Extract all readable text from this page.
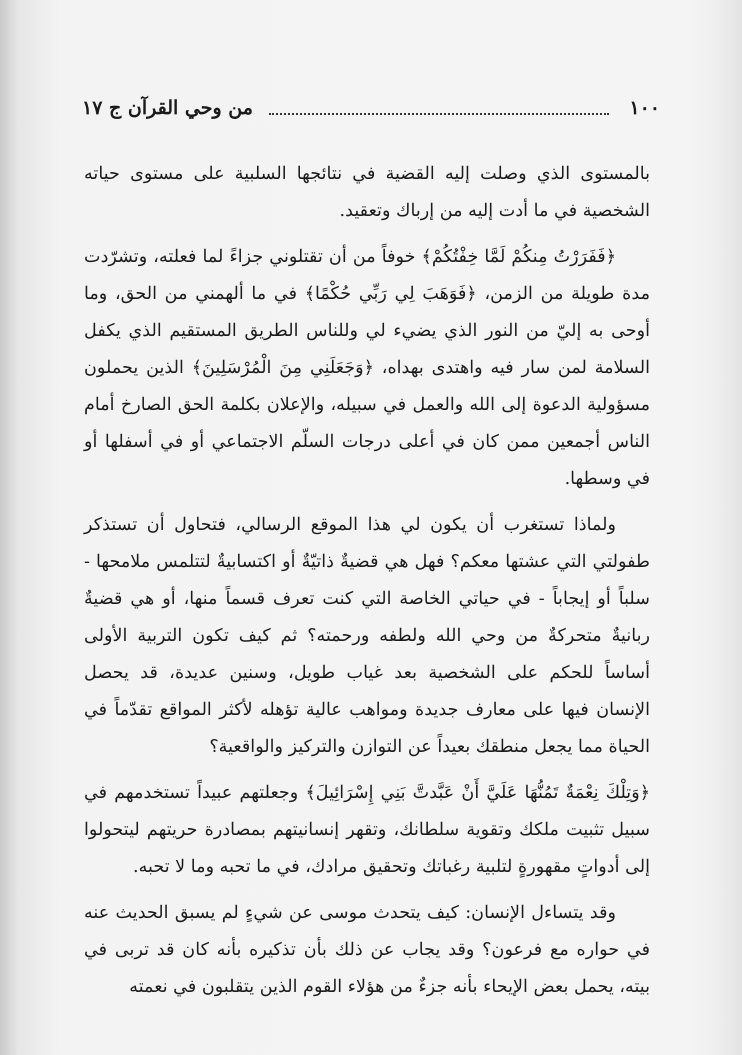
١٠٠
من وحي القرآن ج ١٧

بالمستوى الذي وصلت إليه القضية في نتائجها السلبية على مستوى حياته الشخصية في ما أدت إليه من إرباك وتعقيد.

﴿فَفَرَرْتُ مِنكُمْ لَمَّا خِفْتُكُمْ﴾ خوفاً من أن تقتلوني جزاءً لما فعلته، وتشرّدت مدة طويلة من الزمن، ﴿فَوَهَبَ لِي رَبِّي حُكْمًا﴾ في ما ألهمني من الحق، وما أوحى به إليّ من النور الذي يضيء لي وللناس الطريق المستقيم الذي يكفل السلامة لمن سار فيه واهتدى بهداه، ﴿وَجَعَلَنِي مِنَ الْمُرْسَلِينَ﴾ الذين يحملون مسؤولية الدعوة إلى الله والعمل في سبيله، والإعلان بكلمة الحق الصارخ أمام الناس أجمعين ممن كان في أعلى درجات السلّم الاجتماعي أو في أسفلها أو في وسطها.

ولماذا تستغرب أن يكون لي هذا الموقع الرسالي، فتحاول أن تستذكر طفولتي التي عشتها معكم؟ فهل هي قضيةٌ ذاتيّةٌ أو اكتسابيةٌ لتتلمس ملامحها - سلباً أو إيجاباً - في حياتي الخاصة التي كنت تعرف قسماً منها، أو هي قضيةٌ ربانيةٌ متحركةٌ من وحي الله ولطفه ورحمته؟ ثم كيف تكون التربية الأولى أساساً للحكم على الشخصية بعد غياب طويل، وسنين عديدة، قد يحصل الإنسان فيها على معارف جديدة ومواهب عالية تؤهله لأكثر المواقع تقدّماً في الحياة مما يجعل منطقك بعيداً عن التوازن والتركيز والواقعية؟

﴿وَتِلْكَ نِعْمَةٌ تَمُنُّهَا عَلَيَّ أَنْ عَبَّدتَّ بَنِي إِسْرَائِيلَ﴾ وجعلتهم عبيداً تستخدمهم في سبيل تثبيت ملكك وتقوية سلطانك، وتقهر إنسانيتهم بمصادرة حريتهم ليتحولوا إلى أدواتٍ مقهورةٍ لتلبية رغباتك وتحقيق مرادك، في ما تحبه وما لا تحبه.

وقد يتساءل الإنسان: كيف يتحدث موسى عن شيءٍ لم يسبق الحديث عنه في حواره مع فرعون؟ وقد يجاب عن ذلك بأن تذكيره بأنه كان قد تربى في بيته، يحمل بعض الإيحاء بأنه جزءٌ من هؤلاء القوم الذين يتقلبون في نعمته
